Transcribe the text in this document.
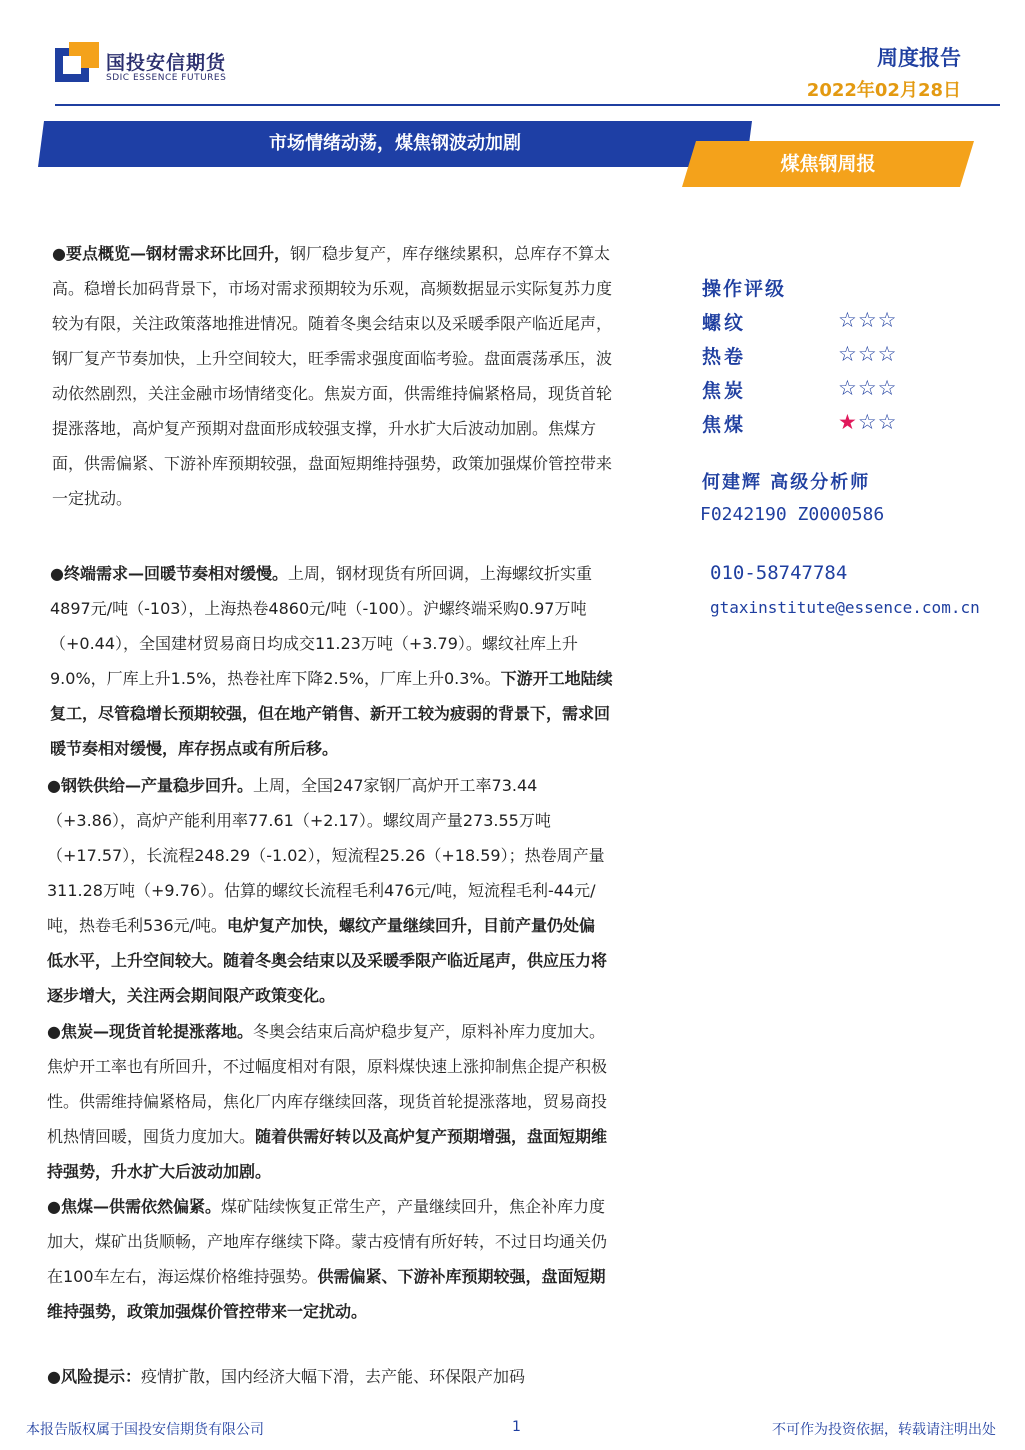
国投安信期货
SDIC ESSENCE FUTURES
周度报告
2022年02月28日
市场情绪动荡，煤焦钢波动加剧
煤焦钢周报
●要点概览—钢材需求环比回升，钢厂稳步复产，库存继续累积，总库存不算太高。稳增长加码背景下，市场对需求预期较为乐观，高频数据显示实际复苏力度较为有限，关注政策落地推进情况。随着冬奥会结束以及采暖季限产临近尾声，钢厂复产节奏加快，上升空间较大，旺季需求强度面临考验。盘面震荡承压，波动依然剧烈，关注金融市场情绪变化。焦炭方面，供需维持偏紧格局，现货首轮提涨落地，高炉复产预期对盘面形成较强支撑，升水扩大后波动加剧。焦煤方面，供需偏紧、下游补库预期较强，盘面短期维持强势，政策加强煤价管控带来一定扰动。
●终端需求—回暖节奏相对缓慢。上周，钢材现货有所回调，上海螺纹折实重4897元/吨（-103），上海热卷4860元/吨（-100）。沪螺终端采购0.97万吨（+0.44），全国建材贸易商日均成交11.23万吨（+3.79）。螺纹社库上升9.0%，厂库上升1.5%，热卷社库下降2.5%，厂库上升0.3%。下游开工地陆续复工，尽管稳增长预期较强，但在地产销售、新开工较为疲弱的背景下，需求回暖节奏相对缓慢，库存拐点或有所后移。
●钢铁供给—产量稳步回升。上周，全国247家钢厂高炉开工率73.44（+3.86），高炉产能利用率77.61（+2.17）。螺纹周产量273.55万吨（+17.57），长流程248.29（-1.02），短流程25.26（+18.59）；热卷周产量311.28万吨（+9.76）。估算的螺纹长流程毛利476元/吨，短流程毛利-44元/吨，热卷毛利536元/吨。电炉复产加快，螺纹产量继续回升，目前产量仍处偏低水平，上升空间较大。随着冬奥会结束以及采暖季限产临近尾声，供应压力将逐步增大，关注两会期间限产政策变化。
●焦炭—现货首轮提涨落地。冬奥会结束后高炉稳步复产，原料补库力度加大。焦炉开工率也有所回升，不过幅度相对有限，原料煤快速上涨抑制焦企提产积极性。供需维持偏紧格局，焦化厂内库存继续回落，现货首轮提涨落地，贸易商投机热情回暖，囤货力度加大。随着供需好转以及高炉复产预期增强，盘面短期维持强势，升水扩大后波动加剧。
●焦煤—供需依然偏紧。煤矿陆续恢复正常生产，产量继续回升，焦企补库力度加大，煤矿出货顺畅，产地库存继续下降。蒙古疫情有所好转，不过日均通关仍在100车左右，海运煤价格维持强势。供需偏紧、下游补库预期较强，盘面短期维持强势，政策加强煤价管控带来一定扰动。
●风险提示：疫情扩散，国内经济大幅下滑，去产能、环保限产加码
操作评级
螺纹	☆☆☆
热卷	☆☆☆
焦炭	☆☆☆
焦煤	★☆☆
何建辉 高级分析师
F0242190 Z0000586
010-58747784
gtaxinstitute@essence.com.cn
本报告版权属于国投安信期货有限公司	1	不可作为投资依据，转载请注明出处
